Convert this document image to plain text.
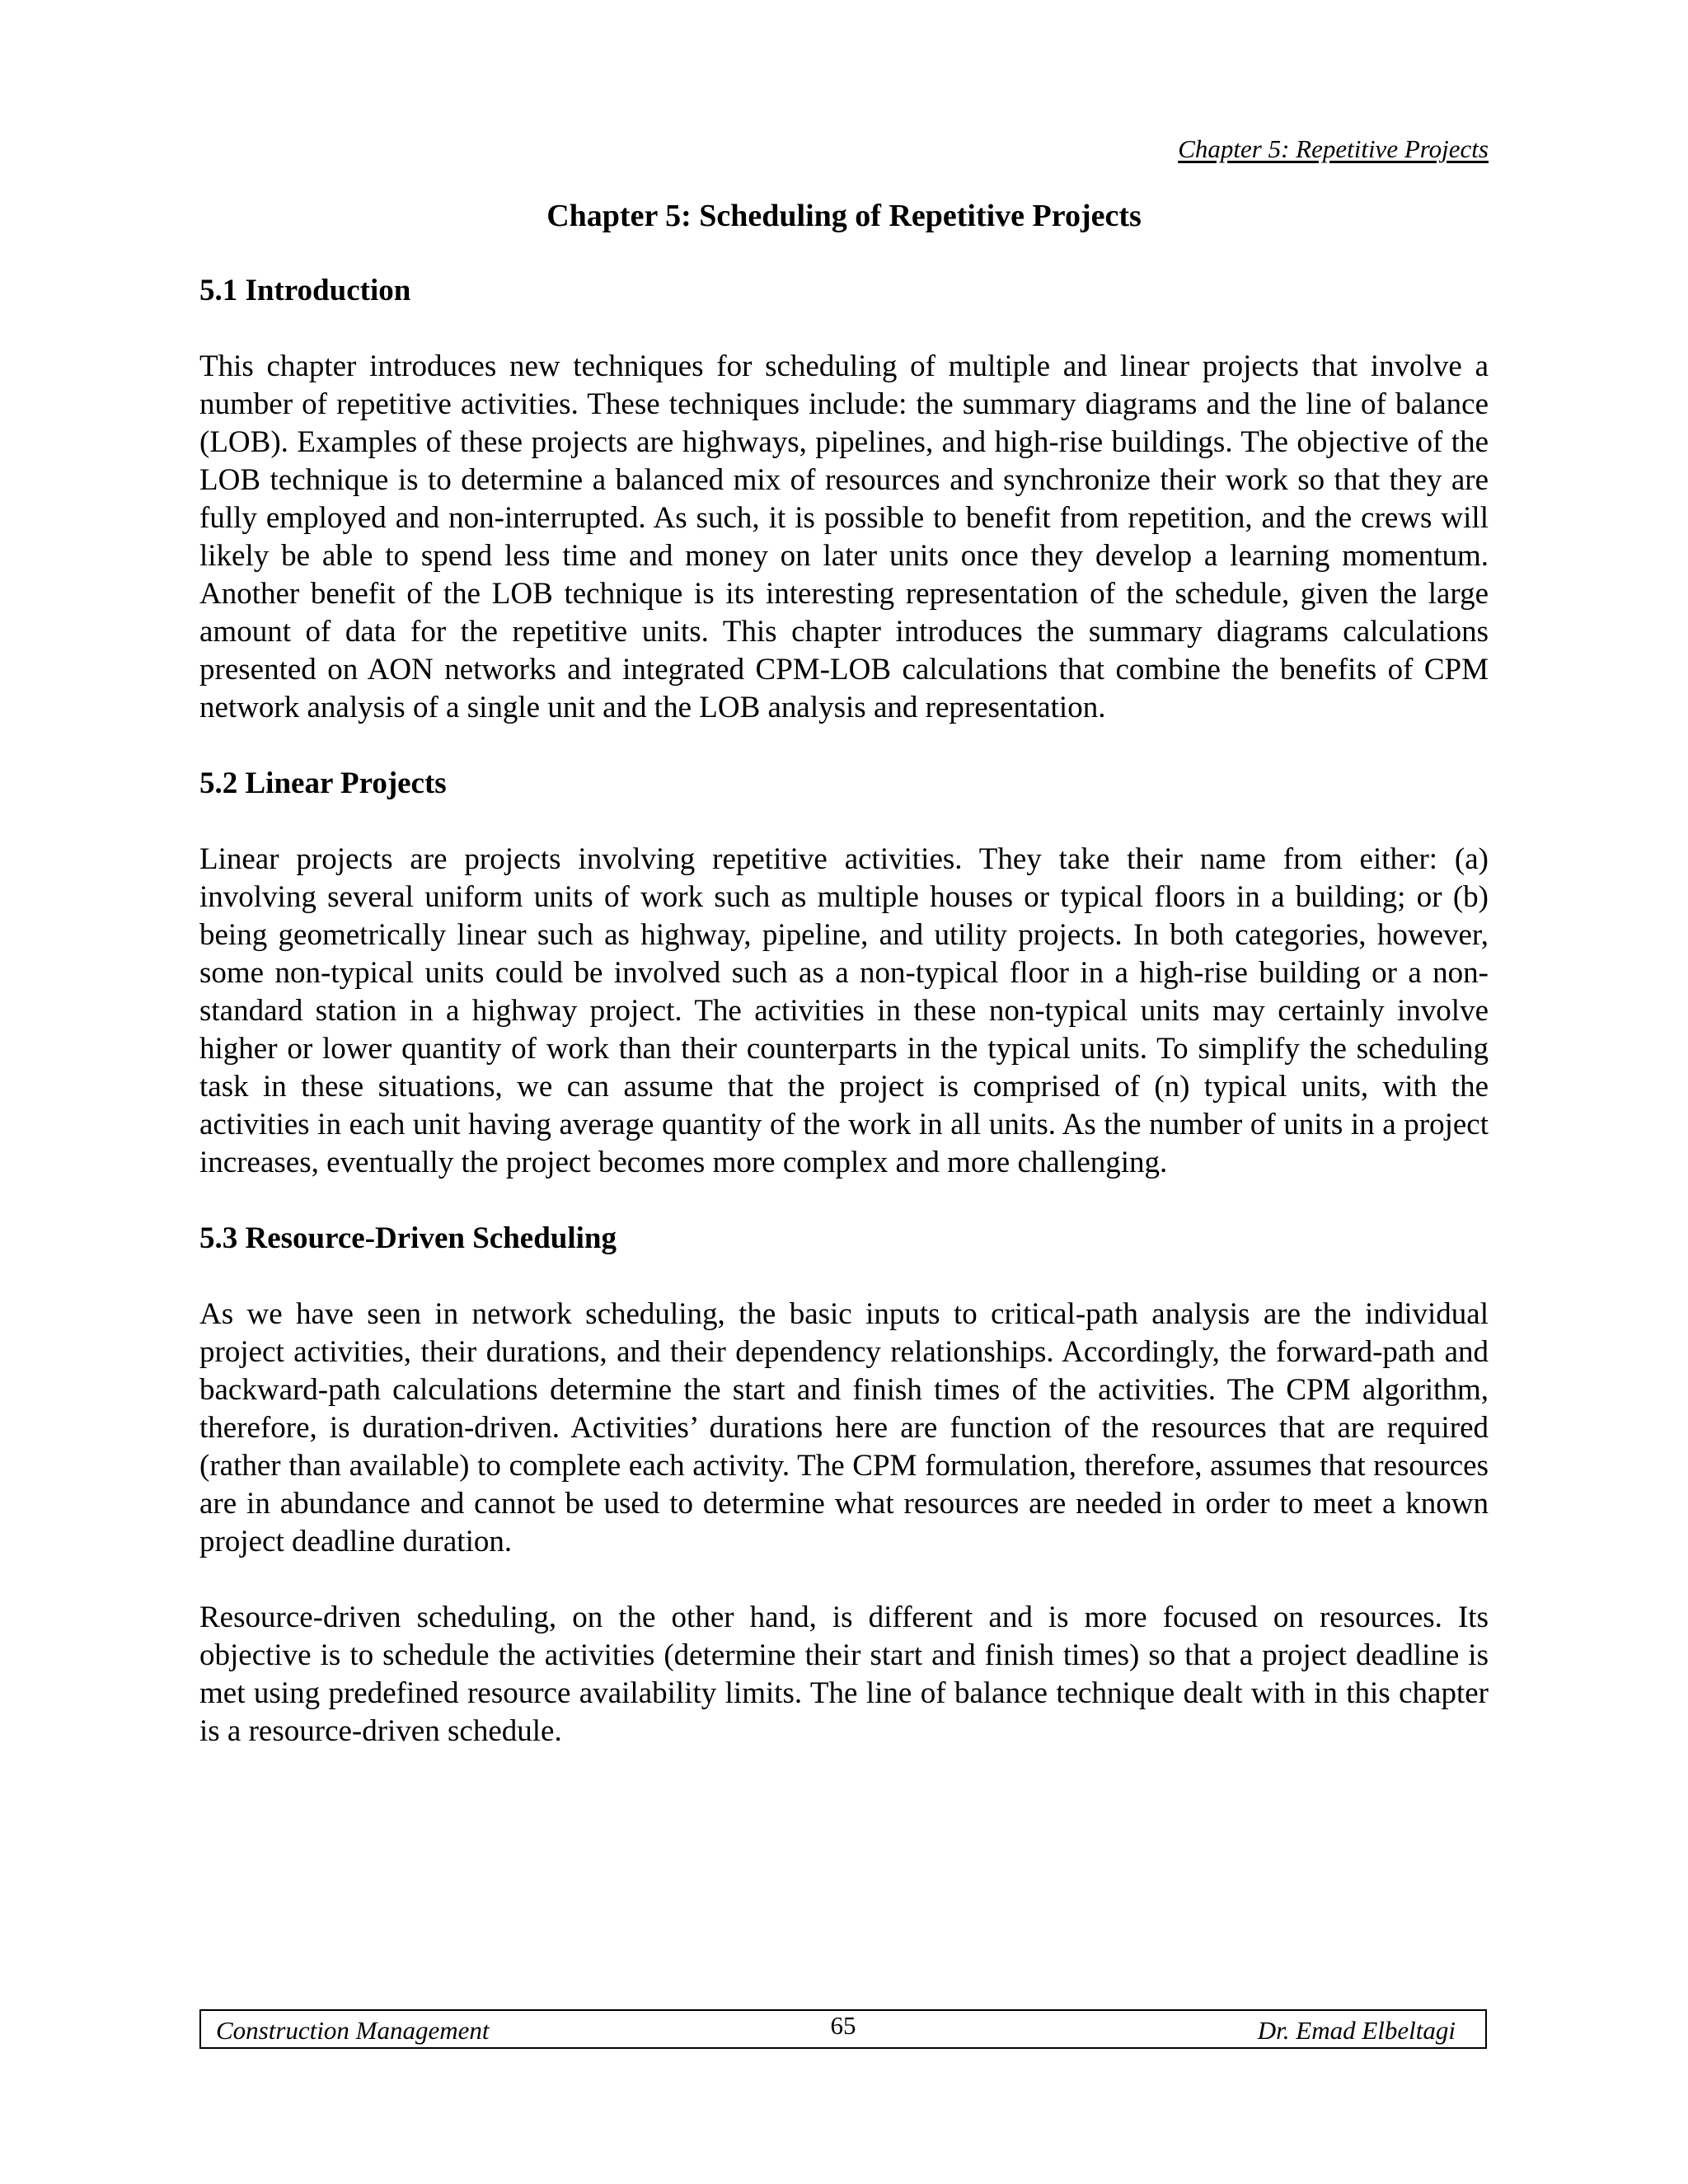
Chapter 5: Repetitive Projects
Chapter 5: Scheduling of Repetitive Projects
5.1 Introduction

This chapter introduces new techniques for scheduling of multiple and linear projects that involve a number of repetitive activities. These techniques include: the summary diagrams and the line of balance (LOB). Examples of these projects are highways, pipelines, and high-rise buildings. The objective of the LOB technique is to determine a balanced mix of resources and synchronize their work so that they are fully employed and non-interrupted. As such, it is possible to benefit from repetition, and the crews will likely be able to spend less time and money on later units once they develop a learning momentum. Another benefit of the LOB technique is its interesting representation of the schedule, given the large amount of data for the repetitive units. This chapter introduces the summary diagrams calculations presented on AON networks and integrated CPM-LOB calculations that combine the benefits of CPM network analysis of a single unit and the LOB analysis and representation.

5.2 Linear Projects

Linear projects are projects involving repetitive activities. They take their name from either: (a) involving several uniform units of work such as multiple houses or typical floors in a building; or (b) being geometrically linear such as highway, pipeline, and utility projects. In both categories, however, some non-typical units could be involved such as a non-typical floor in a high-rise building or a non-standard station in a highway project. The activities in these non-typical units may certainly involve higher or lower quantity of work than their counterparts in the typical units. To simplify the scheduling task in these situations, we can assume that the project is comprised of (n) typical units, with the activities in each unit having average quantity of the work in all units. As the number of units in a project increases, eventually the project becomes more complex and more challenging.

5.3 Resource-Driven Scheduling

As we have seen in network scheduling, the basic inputs to critical-path analysis are the individual project activities, their durations, and their dependency relationships. Accordingly, the forward-path and backward-path calculations determine the start and finish times of the activities. The CPM algorithm, therefore, is duration-driven. Activities’ durations here are function of the resources that are required (rather than available) to complete each activity. The CPM formulation, therefore, assumes that resources are in abundance and cannot be used to determine what resources are needed in order to meet a known project deadline duration.

Resource-driven scheduling, on the other hand, is different and is more focused on resources. Its objective is to schedule the activities (determine their start and finish times) so that a project deadline is met using predefined resource availability limits. The line of balance technique dealt with in this chapter is a resource-driven schedule.

Construction Management	65	Dr. Emad Elbeltagi
